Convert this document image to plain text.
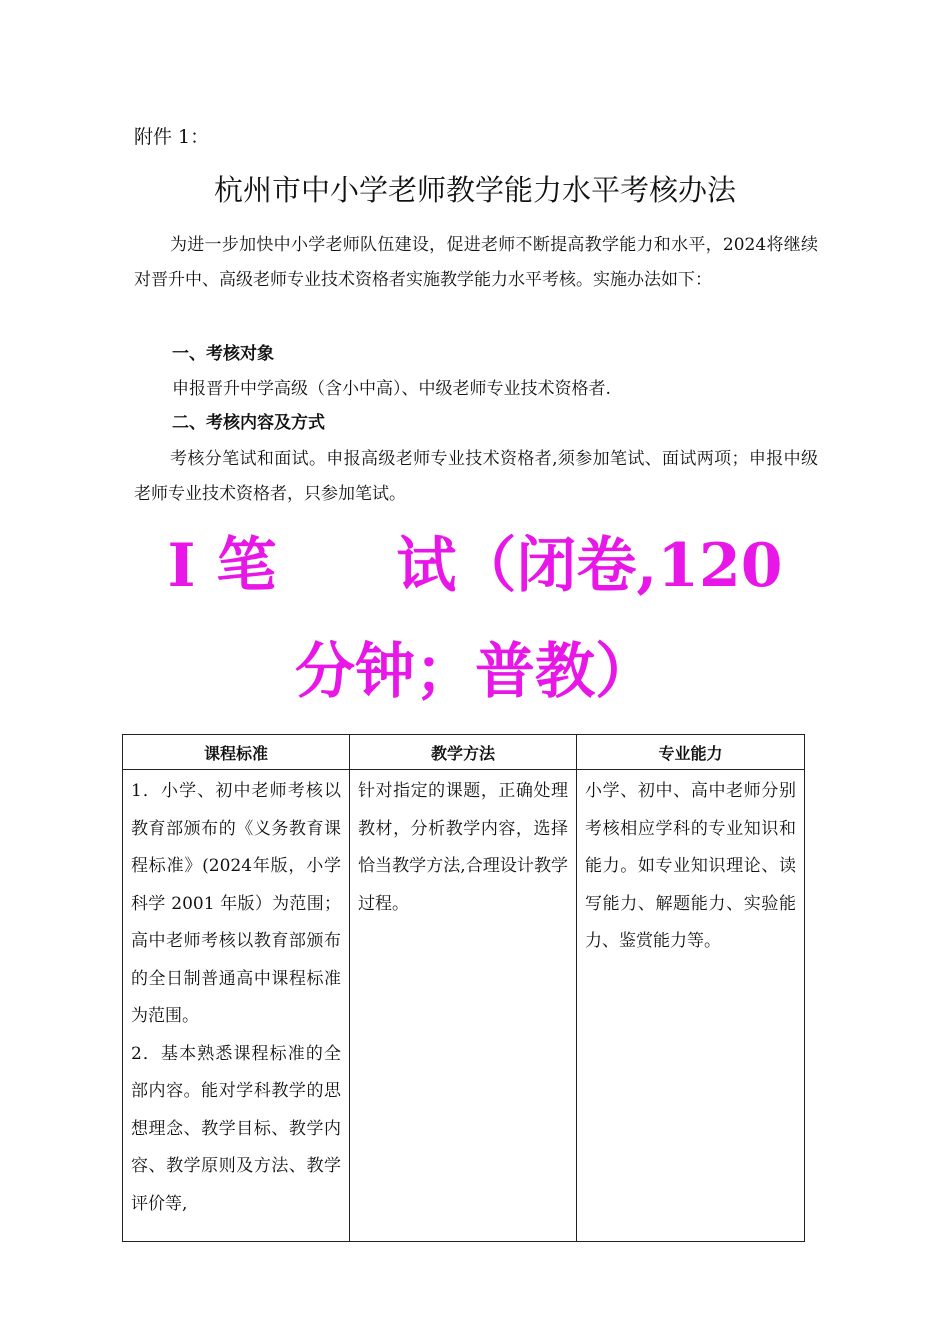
附件 1：
杭州市中小学老师教学能力水平考核办法
为进一步加快中小学老师队伍建设，促进老师不断提高教学能力和水平，2024将继续对晋升中、高级老师专业技术资格者实施教学能力水平考核。实施办法如下：
一、考核对象
申报晋升中学高级（含小中高）、中级老师专业技术资格者.
二、考核内容及方式
考核分笔试和面试。申报高级老师专业技术资格者,须参加笔试、面试两项；申报中级老师专业技术资格者，只参加笔试。
I 笔　　试（闭卷,120
分钟；普教）
课程标准	教学方法	专业能力

1．小学、初中老师考核以教育部颁布的《义务教育课程标准》(2024年版，小学科学 2001 年版）为范围；高中老师考核以教育部颁布的全日制普通高中课程标准为范围。

2．基本熟悉课程标准的全部内容。能对学科教学的思想理念、教学目标、教学内容、教学原则及方法、教学评价等,	针对指定的课题，正确处理教材，分析教学内容，选择恰当教学方法,合理设计教学过程。	小学、初中、高中老师分别考核相应学科的专业知识和能力。如专业知识理论、读写能力、解题能力、实验能力、鉴赏能力等。
